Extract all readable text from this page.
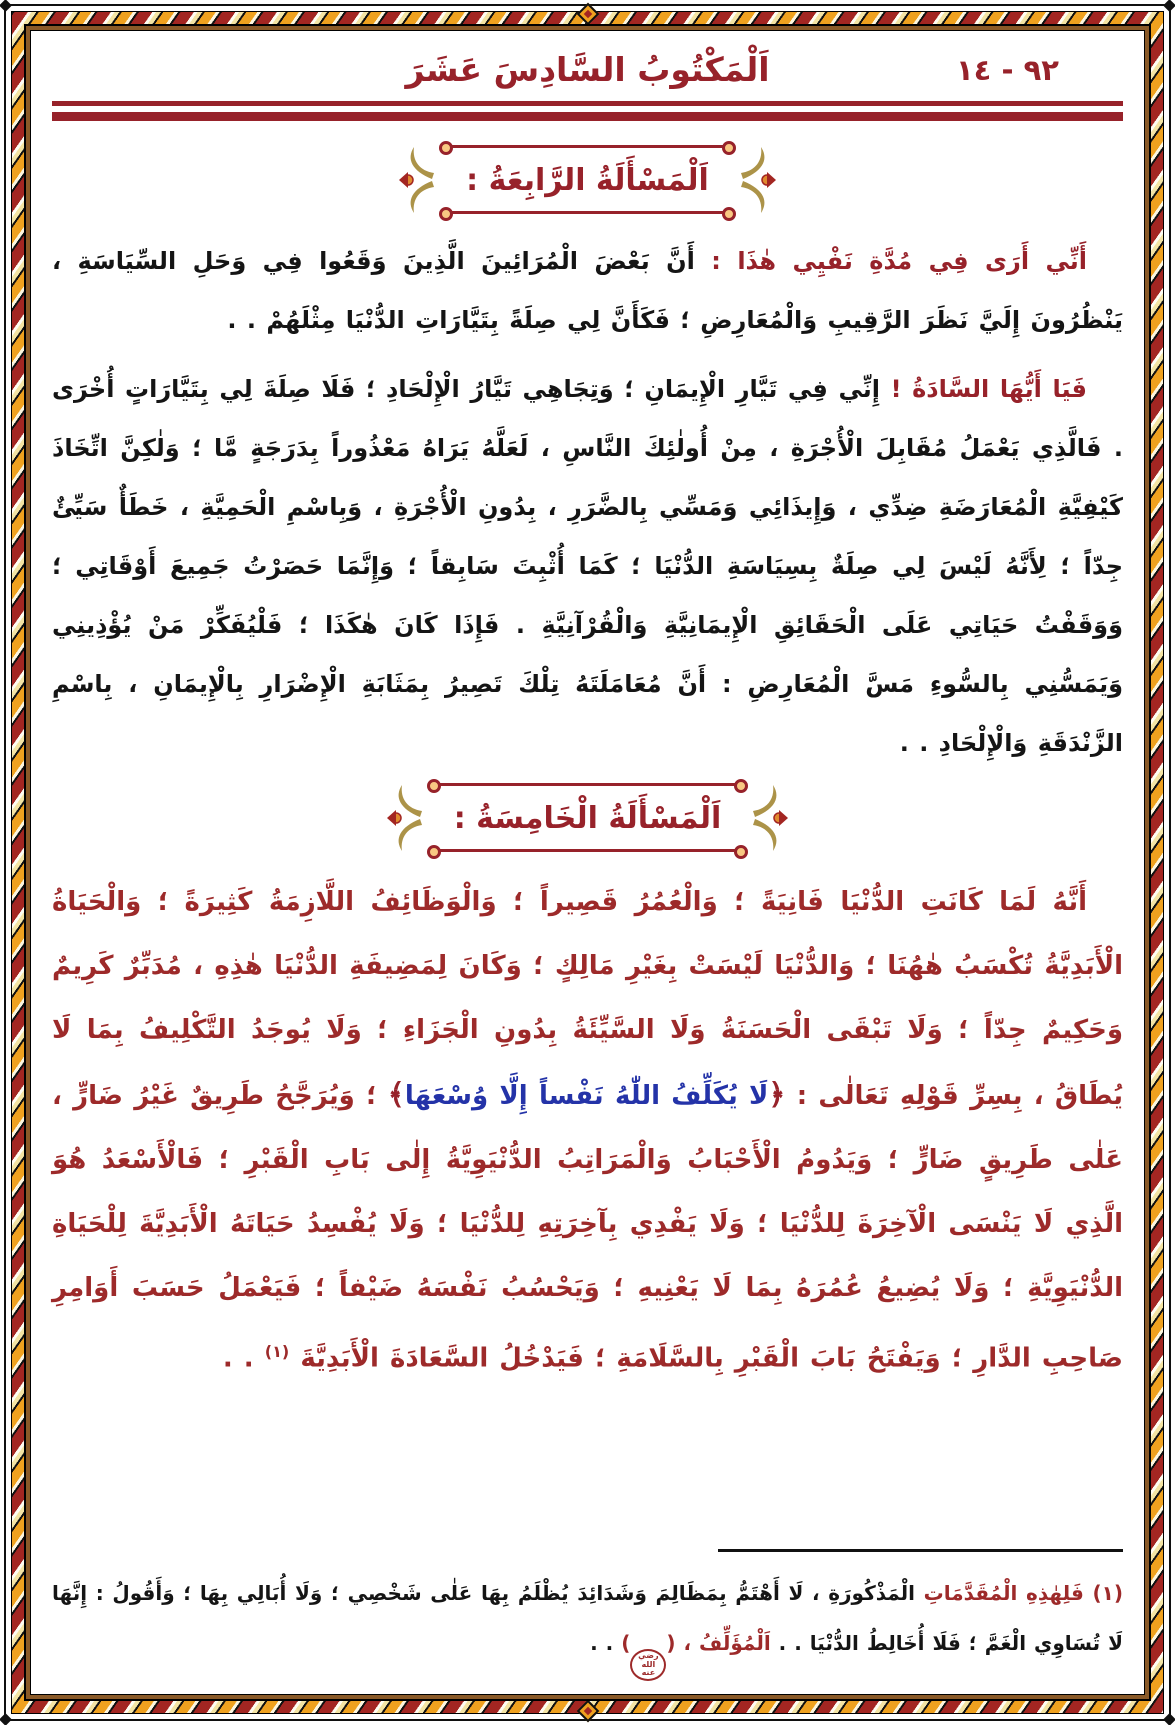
٩٢ - ١٤
اَلْمَكْتُوبُ السَّادِسَ عَشَرَ
اَلْمَسْأَلَةُ الرَّابِعَةُ :

أَنِّي أَرَى فِي مُدَّةِ نَفْيِي هٰذَا : أَنَّ بَعْضَ الْمُرَائِينَ الَّذِينَ وَقَعُوا فِي وَحَلِ السِّيَاسَةِ ، يَنْظُرُونَ إِلَيَّ نَظَرَ الرَّقِيبِ وَالْمُعَارِضِ ؛ فَكَأَنَّ لِي صِلَةً بِتَيَّارَاتِ الدُّنْيَا مِثْلَهُمْ . .

فَيَا أَيُّهَا السَّادَةُ ! إِنِّي فِي تَيَّارِ الْإِيمَانِ ؛ وَتِجَاهِي تَيَّارُ الْإِلْحَادِ ؛ فَلَا صِلَةَ لِي بِتَيَّارَاتٍ أُخْرَى . فَالَّذِي يَعْمَلُ مُقَابِلَ الْأُجْرَةِ ، مِنْ أُولٰئِكَ النَّاسِ ، لَعَلَّهُ يَرَاهُ مَعْذُوراً بِدَرَجَةٍ مَّا ؛ وَلٰكِنَّ اتِّخَاذَ كَيْفِيَّةِ الْمُعَارَضَةِ ضِدِّي ، وَإِيذَائِي وَمَسِّي بِالضَّرَرِ ، بِدُونِ الْأُجْرَةِ ، وَبِاسْمِ الْحَمِيَّةِ ، خَطَأٌ سَيِّئٌ جِدّاً ؛ لِأَنَّهُ لَيْسَ لِي صِلَةٌ بِسِيَاسَةِ الدُّنْيَا ؛ كَمَا أُثْبِتَ سَابِقاً ؛ وَإِنَّمَا حَصَرْتُ جَمِيعَ أَوْقَاتِي ؛ وَوَقَفْتُ حَيَاتِي عَلَى الْحَقَائِقِ الْإِيمَانِيَّةِ وَالْقُرْآنِيَّةِ . فَإِذَا كَانَ هٰكَذَا ؛ فَلْيُفَكِّرْ مَنْ يُؤْذِينِي وَيَمَسُّنِي بِالسُّوءِ مَسَّ الْمُعَارِضِ : أَنَّ مُعَامَلَتَهُ تِلْكَ تَصِيرُ بِمَثَابَةِ الْإِضْرَارِ بِالْإِيمَانِ ، بِاسْمِ الزَّنْدَقَةِ وَالْإِلْحَادِ . .

اَلْمَسْأَلَةُ الْخَامِسَةُ :

أَنَّهُ لَمَا كَانَتِ الدُّنْيَا فَانِيَةً ؛ وَالْعُمُرُ قَصِيراً ؛ وَالْوَظَائِفُ اللَّازِمَةُ كَثِيرَةً ؛ وَالْحَيَاةُ الْأَبَدِيَّةُ تُكْسَبُ هٰهُنَا ؛ وَالدُّنْيَا لَيْسَتْ بِغَيْرِ مَالِكٍ ؛ وَكَانَ لِمَضِيفَةِ الدُّنْيَا هٰذِهِ ، مُدَبِّرٌ كَرِيمٌ وَحَكِيمٌ جِدّاً ؛ وَلَا تَبْقَى الْحَسَنَةُ وَلَا السَّيِّئَةُ بِدُونِ الْجَزَاءِ ؛ وَلَا يُوجَدُ التَّكْلِيفُ بِمَا لَا يُطَاقُ ، بِسِرِّ قَوْلِهِ تَعَالٰى : ﴿لَا يُكَلِّفُ اللّٰهُ نَفْساً إِلَّا وُسْعَهَا﴾ ؛ وَيُرَجَّحُ طَرِيقٌ غَيْرُ ضَارٍّ ، عَلٰى طَرِيقٍ ضَارٍّ ؛ وَيَدُومُ الْأَحْبَابُ وَالْمَرَاتِبُ الدُّنْيَوِيَّةُ إِلٰى بَابِ الْقَبْرِ ؛ فَالْأَسْعَدُ هُوَ الَّذِي لَا يَنْسَى الْآخِرَةَ لِلدُّنْيَا ؛ وَلَا يَفْدِي بِآخِرَتِهِ لِلدُّنْيَا ؛ وَلَا يُفْسِدُ حَيَاتَهُ الْأَبَدِيَّةَ لِلْحَيَاةِ الدُّنْيَوِيَّةِ ؛ وَلَا يُضِيعُ عُمُرَهُ بِمَا لَا يَعْنِيهِ ؛ وَيَحْسُبُ نَفْسَهُ ضَيْفاً ؛ فَيَعْمَلُ حَسَبَ أَوَامِرِ صَاحِبِ الدَّارِ ؛ وَيَفْتَحُ بَابَ الْقَبْرِ بِالسَّلَامَةِ ؛ فَيَدْخُلُ السَّعَادَةَ الْأَبَدِيَّةَ $^{(١)}$ . .

(١) فَلِهٰذِهِ الْمُقَدَّمَاتِ الْمَذْكُورَةِ ، لَا أَهْتَمُّ بِمَظَالِمَ وَشَدَائِدَ يُظْلَمُ بِهَا عَلٰى شَخْصِي ؛ وَلَا أُبَالِي بِهَا ؛ وَأَقُولُ : إِنَّهَا لَا تُسَاوِي الْغَمَّ ؛ فَلَا أُخَالِطُ الدُّنْيَا . . اَلْمُؤَلِّفُ ، (رضي الله عنه) . .
